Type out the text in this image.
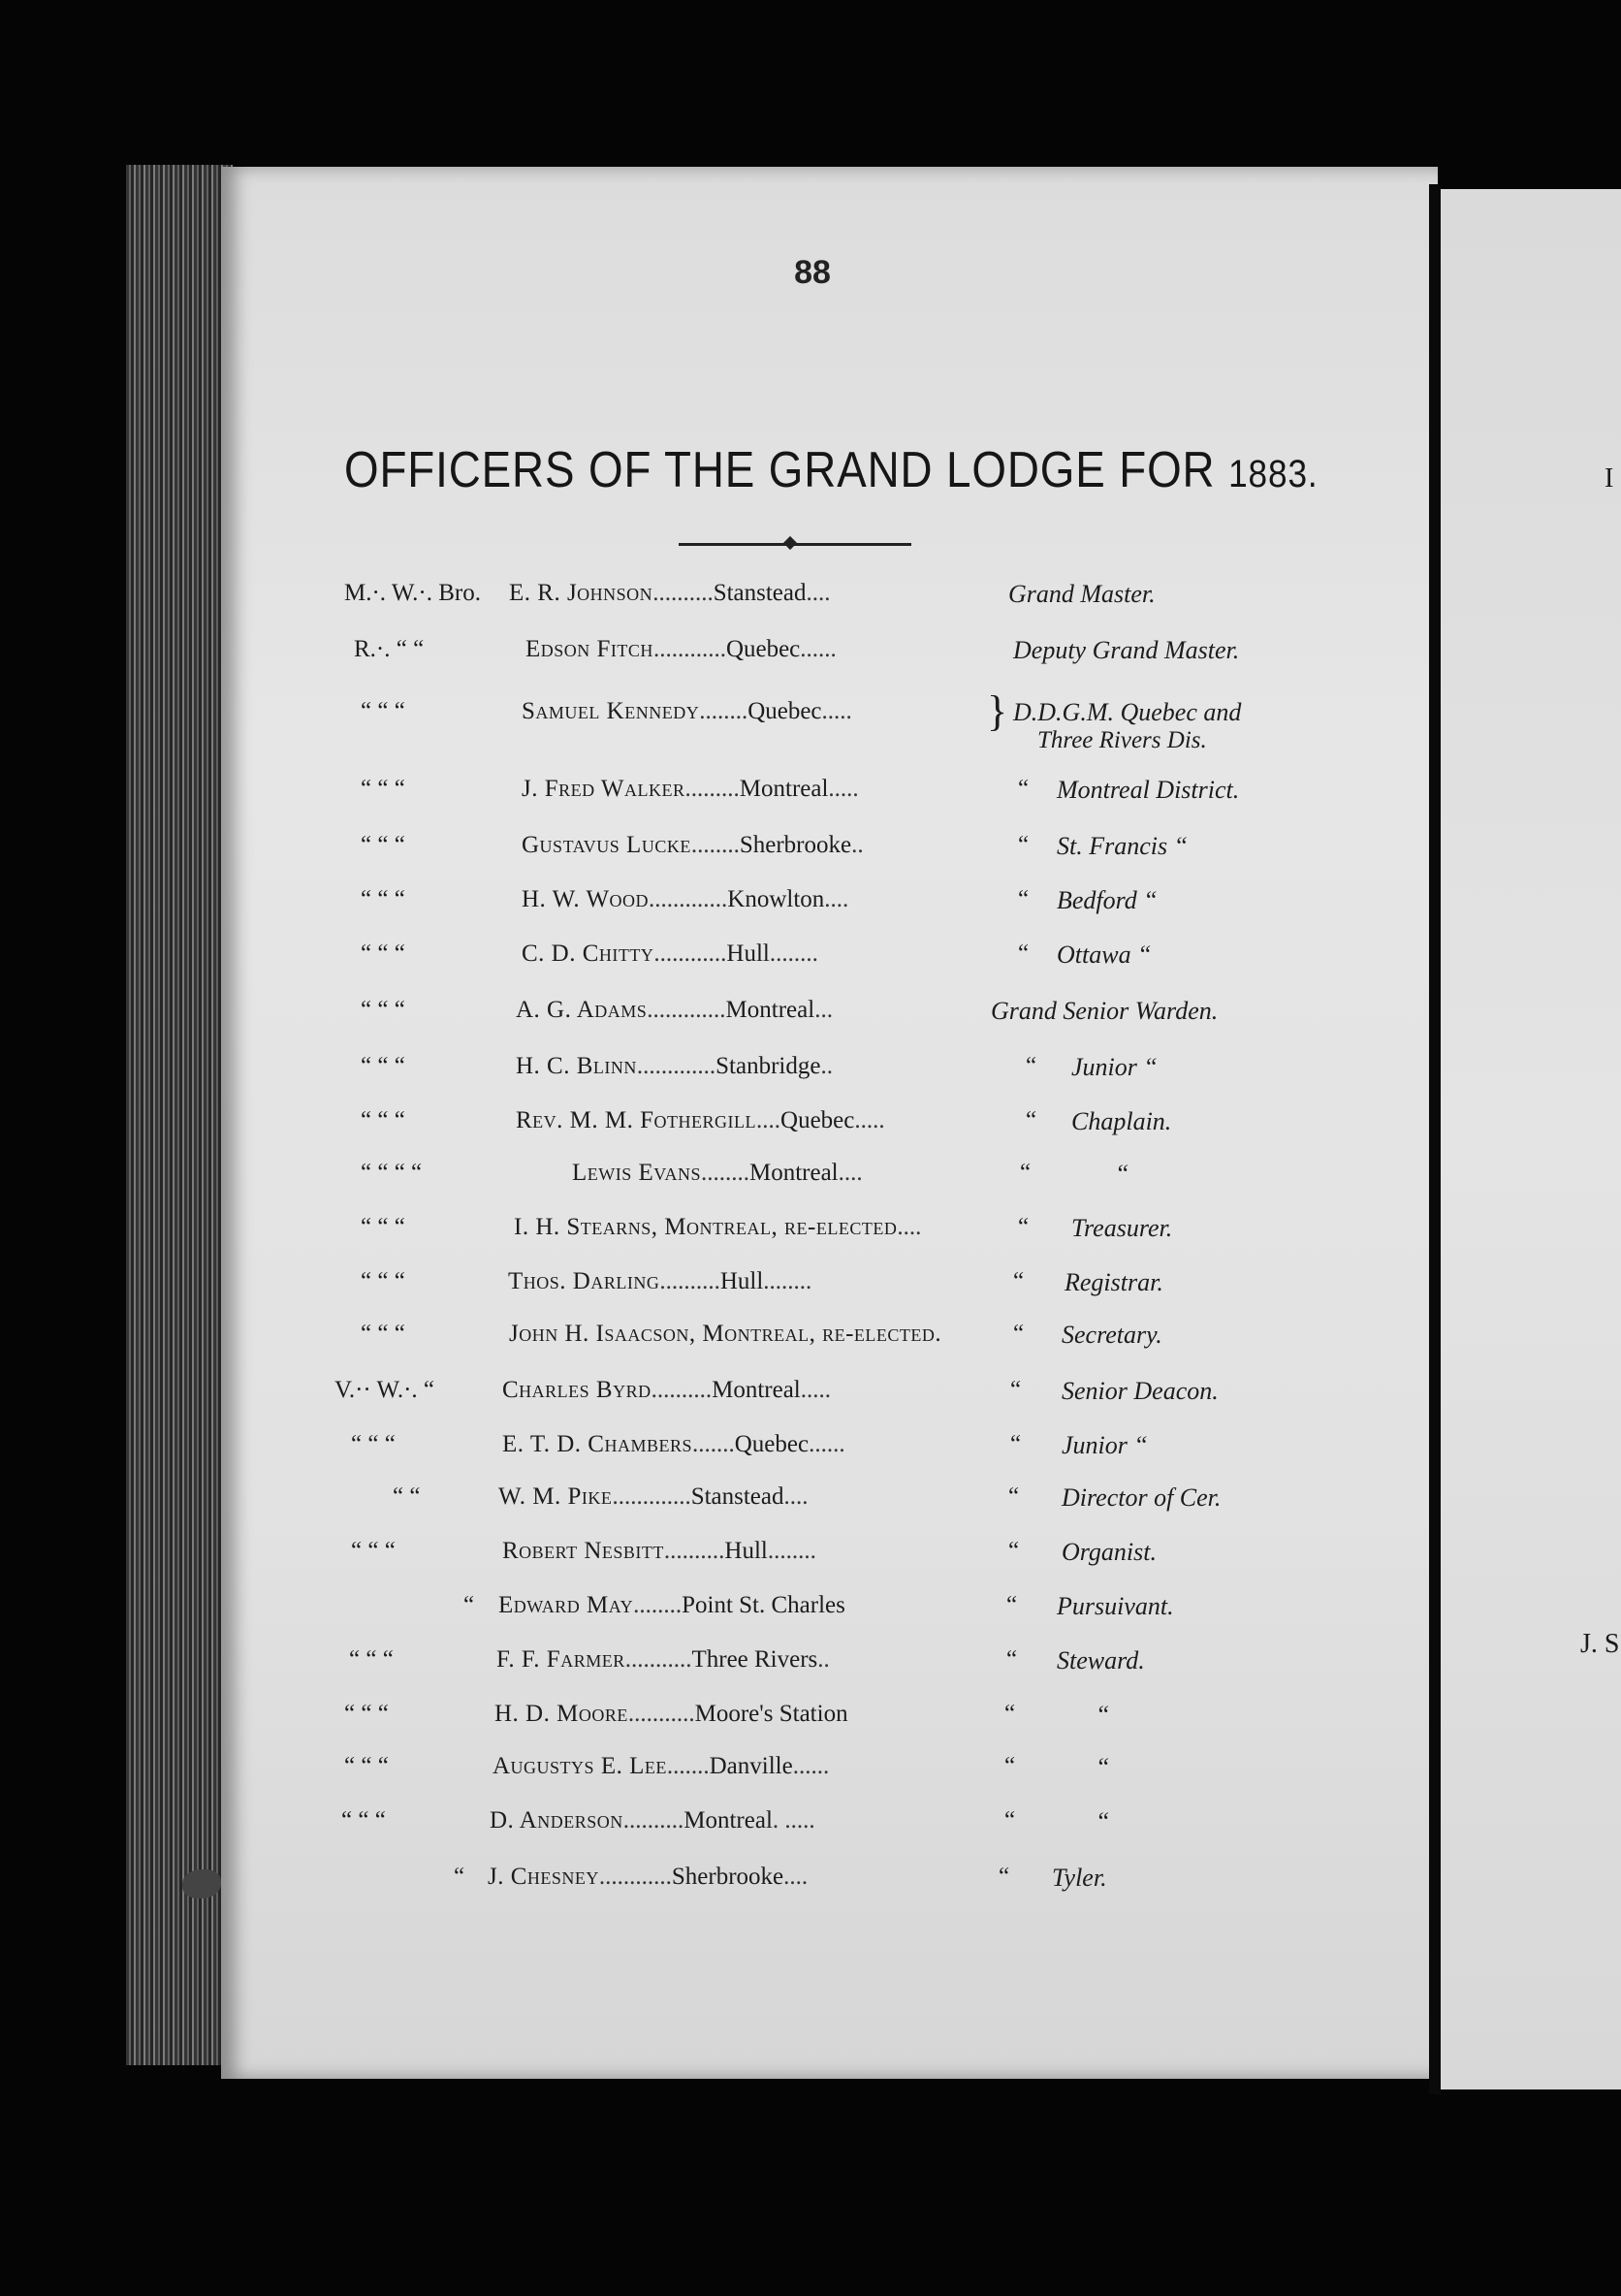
88
OFFICERS OF THE GRAND LODGE FOR 1883.
M.·. W.·. Bro. E. R. Johnson..........Stanstead....	Grand Master.
R.·. “ “	Edson Fitch............Quebec......	Deputy Grand Master.
“ “ “	Samuel Kennedy........Quebec.....	} D.D.G.M. Quebec and
Three Rivers Dis.
“ “ “	J. Fred Walker.........Montreal.....	“ Montreal District.
“ “ “	Gustavus Lucke........Sherbrooke..	“ St. Francis “
“ “ “	H. W. Wood.............Knowlton....	“ Bedford “
“ “ “	C. D. Chitty............Hull........	“ Ottawa “
“ “ “	A. G. Adams.............Montreal...	Grand Senior Warden.
“ “ “	H. C. Blinn.............Stanbridge..	“ Junior “
“ “ “	Rev. M. M. Fothergill....Quebec.....	“ Chaplain.
“ “ “ “	Lewis Evans........Montreal....	“	“
“ “ “	I. H. Stearns, Montreal, re-elected....	“ Treasurer.
“ “ “	Thos. Darling..........Hull........	“ Registrar.
“ “ “	John H. Isaacson, Montreal, re-elected.	“ Secretary.
V.·· W.·. “	Charles Byrd..........Montreal.....	“ Senior Deacon.
“ “ “	E. T. D. Chambers.......Quebec......	“ Junior “
“ “	W. M. Pike.............Stanstead....	“ Director of Cer.
“ “ “	Robert Nesbitt..........Hull........	“ Organist.
“ Edward May........Point St. Charles	“ Pursuivant.
“ “ “	F. F. Farmer...........Three Rivers..	“ Steward.
“ “ “	H. D. Moore...........Moore's Station	“	“
“ “ “	Augustys E. Lee.......Danville......	“	“
“ “ “	D. Anderson..........Montreal. .....	“	“
“ J. Chesney............Sherbrooke....	“ Tyler.
I
J. S
